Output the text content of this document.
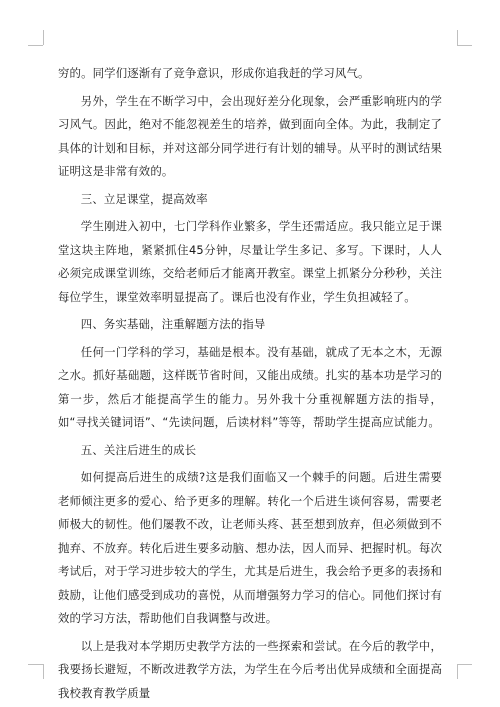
穷的。同学们逐渐有了竞争意识，形成你追我赶的学习风气。

另外，学生在不断学习中，会出现好差分化现象，会严重影响班内的学习风气。因此，绝对不能忽视差生的培养，做到面向全体。为此，我制定了具体的计划和目标，并对这部分同学进行有计划的辅导。从平时的测试结果证明这是非常有效的。

三、立足课堂，提高效率

学生刚进入初中，七门学科作业繁多，学生还需适应。我只能立足于课堂这块主阵地，紧紧抓住45分钟，尽量让学生多记、多写。下课时，人人必须完成课堂训练，交给老师后才能离开教室。课堂上抓紧分分秒秒，关注每位学生，课堂效率明显提高了。课后也没有作业，学生负担减轻了。

四、务实基础，注重解题方法的指导

任何一门学科的学习，基础是根本。没有基础，就成了无本之木，无源之水。抓好基础题，这样既节省时间，又能出成绩。扎实的基本功是学习的第一步，然后才能提高学生的能力。另外我十分重视解题方法的指导，如“寻找关键词语”、“先读问题，后读材料”等等，帮助学生提高应试能力。

五、关注后进生的成长

如何提高后进生的成绩?这是我们面临又一个棘手的问题。后进生需要老师倾注更多的爱心、给予更多的理解。转化一个后进生谈何容易，需要老师极大的韧性。他们屡教不改，让老师头疼、甚至想到放弃，但必须做到不抛弃、不放弃。转化后进生要多动脑、想办法，因人而异、把握时机。每次考试后，对于学习进步较大的学生，尤其是后进生，我会给予更多的表扬和鼓励，让他们感受到成功的喜悦，从而增强努力学习的信心。同他们探讨有效的学习方法，帮助他们自我调整与改进。

以上是我对本学期历史教学方法的一些探索和尝试。在今后的教学中，我要扬长避短，不断改进教学方法，为学生在今后考出优异成绩和全面提高我校教育教学质量
